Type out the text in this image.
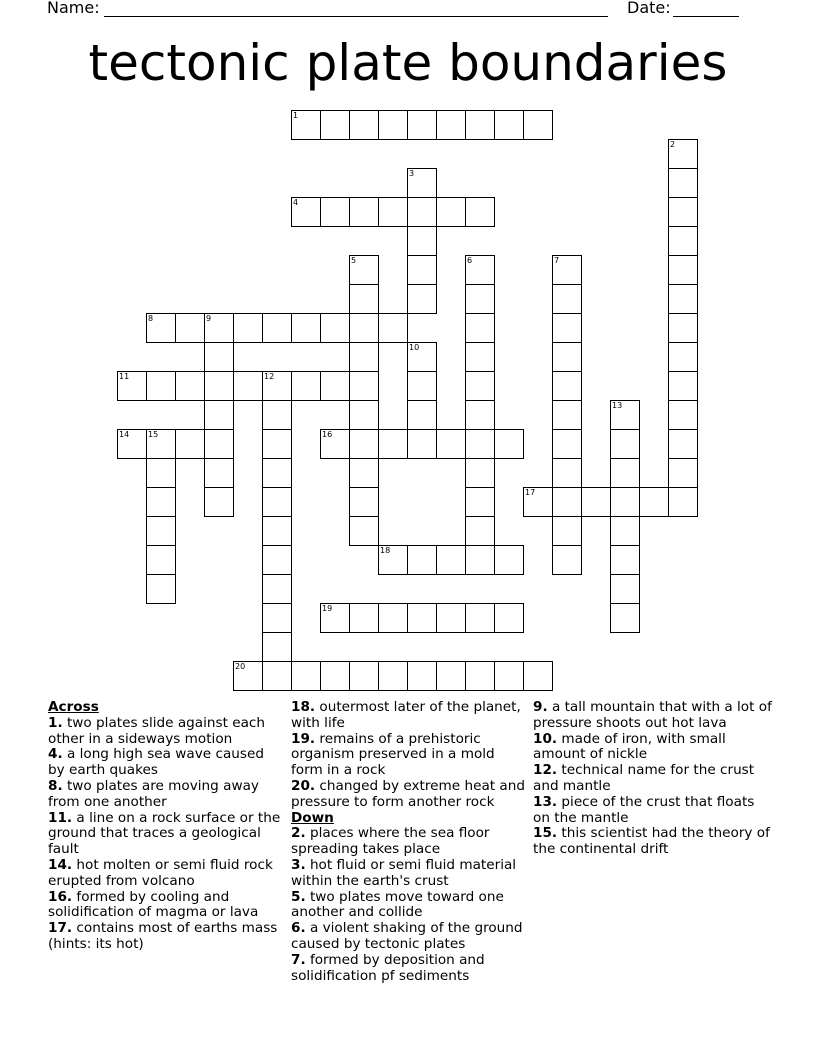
Name:	Date:
tectonic plate boundaries
1
2
3
4
5	6	7
8	9
10
11	12
13
14 15	16
17
18
19
20
Across
1. two plates slide against each other in a sideways motion
4. a long high sea wave caused by earth quakes
8. two plates are moving away from one another
11. a line on a rock surface or the ground that traces a geological fault
14. hot molten or semi fluid rock erupted from volcano
16. formed by cooling and solidification of magma or lava
17. contains most of earths mass (hints: its hot)
18. outermost later of the planet, with life
19. remains of a prehistoric organism preserved in a mold form in a rock
20. changed by extreme heat and pressure to form another rock
Down
2. places where the sea floor spreading takes place
3. hot fluid or semi fluid material within the earth's crust
5. two plates move toward one another and collide
6. a violent shaking of the ground caused by tectonic plates
7. formed by deposition and solidification pf sediments
9. a tall mountain that with a lot of pressure shoots out hot lava
10. made of iron, with small amount of nickle
12. technical name for the crust and mantle
13. piece of the crust that floats on the mantle
15. this scientist had the theory of the continental drift
